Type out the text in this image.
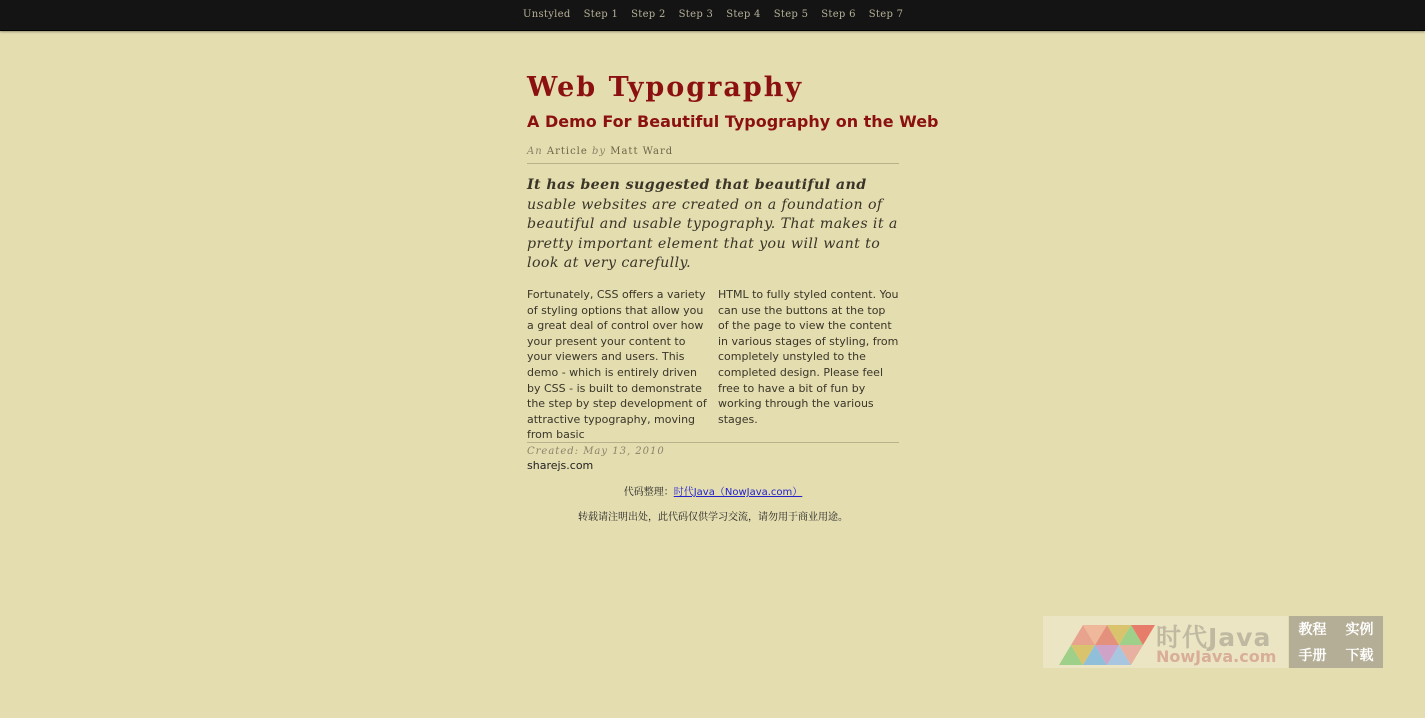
Unstyled Step 1 Step 2 Step 3 Step 4 Step 5 Step 6 Step 7
Web Typography
A Demo For Beautiful Typography on the Web
An Article by Matt Ward

It has been suggested that beautiful and usable websites are created on a foundation of beautiful and usable typography. That makes it a pretty important element that you will want to look at very carefully.

Fortunately, CSS offers a variety of styling options that allow you a great deal of control over how your present your content to your viewers and users. This demo - which is entirely driven by CSS - is built to demonstrate the step by step development of attractive typography, moving from basic

HTML to fully styled content. You can use the buttons at the top of the page to view the content in various stages of styling, from completely unstyled to the completed design. Please feel free to have a bit of fun by working through the various stages.

Created: May 13, 2010
sharejs.com
代码整理：时代Java（NowJava.com）
转载请注明出处，此代码仅供学习交流，请勿用于商业用途。
时代Java
NowJava.com
教程 实例
手册 下载
